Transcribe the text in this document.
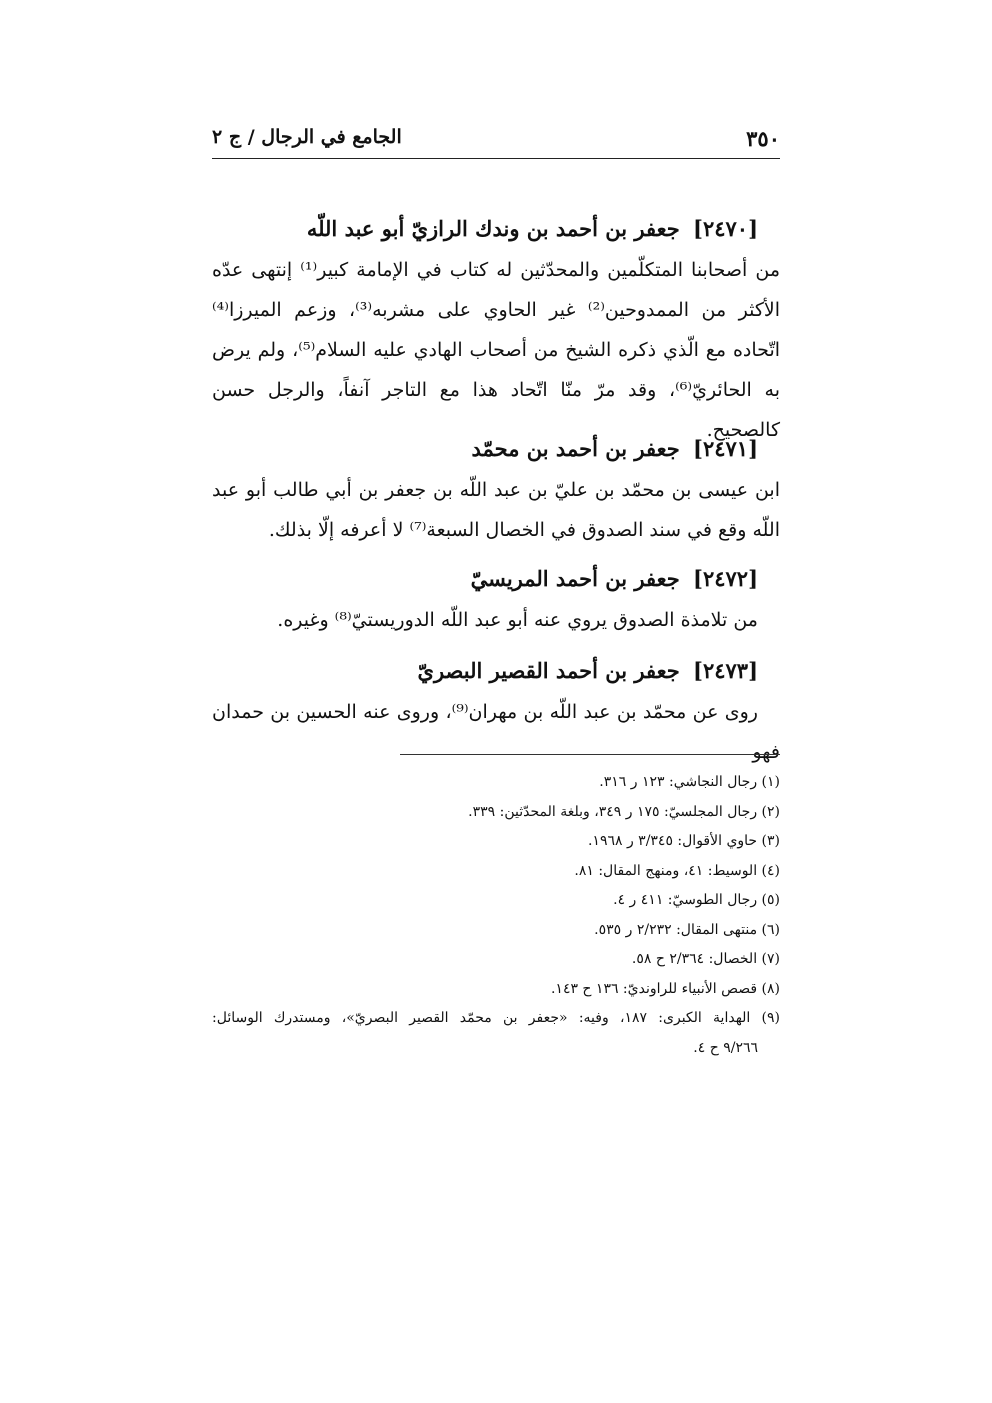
٣٥٠
الجامع في الرجال / ج ٢
[٢٤٧٠] جعفر بن أحمد بن وندك الرازيّ أبو عبد اللّه
من أصحابنا المتكلّمين والمحدّثين له كتاب في الإمامة كبير⁽¹⁾ إنتهى عدّه الأكثر من الممدوحين⁽²⁾ غير الحاوي على مشربه⁽³⁾، وزعم الميرزا⁽⁴⁾ اتّحاده مع الّذي ذكره الشيخ من أصحاب الهادي عليه السلام⁽⁵⁾، ولم يرض به الحائريّ⁽⁶⁾، وقد مرّ منّا اتّحاد هذا مع التاجر آنفاً، والرجل حسن كالصحيح.
[٢٤٧١] جعفر بن أحمد بن محمّد
ابن عيسى بن محمّد بن عليّ بن عبد اللّه بن جعفر بن أبي طالب أبو عبد اللّه وقع في سند الصدوق في الخصال السبعة⁽⁷⁾ لا أعرفه إلّا بذلك.
[٢٤٧٢] جعفر بن أحمد المريسيّ
من تلامذة الصدوق يروي عنه أبو عبد اللّه الدوريستيّ⁽⁸⁾ وغيره.
[٢٤٧٣] جعفر بن أحمد القصير البصريّ
روى عن محمّد بن عبد اللّه بن مهران⁽⁹⁾، وروى عنه الحسين بن حمدان فهو
(١) رجال النجاشي: ١٢٣ ر ٣١٦.
(٢) رجال المجلسيّ: ١٧٥ ر ٣٤٩، وبلغة المحدّثين: ٣٣٩.
(٣) حاوي الأقوال: ٣/٣٤٥ ر ١٩٦٨.
(٤) الوسيط: ٤١، ومنهج المقال: ٨١.
(٥) رجال الطوسيّ: ٤١١ ر ٤.
(٦) منتهى المقال: ٢/٢٣٢ ر ٥٣٥.
(٧) الخصال: ٢/٣٦٤ ح ٥٨.
(٨) قصص الأنبياء للراونديّ: ١٣٦ ح ١٤٣.
(٩) الهداية الكبرى: ١٨٧، وفيه: «جعفر بن محمّد القصير البصريّ»، ومستدرك الوسائل:
٩/٢٦٦ ح ٤.
